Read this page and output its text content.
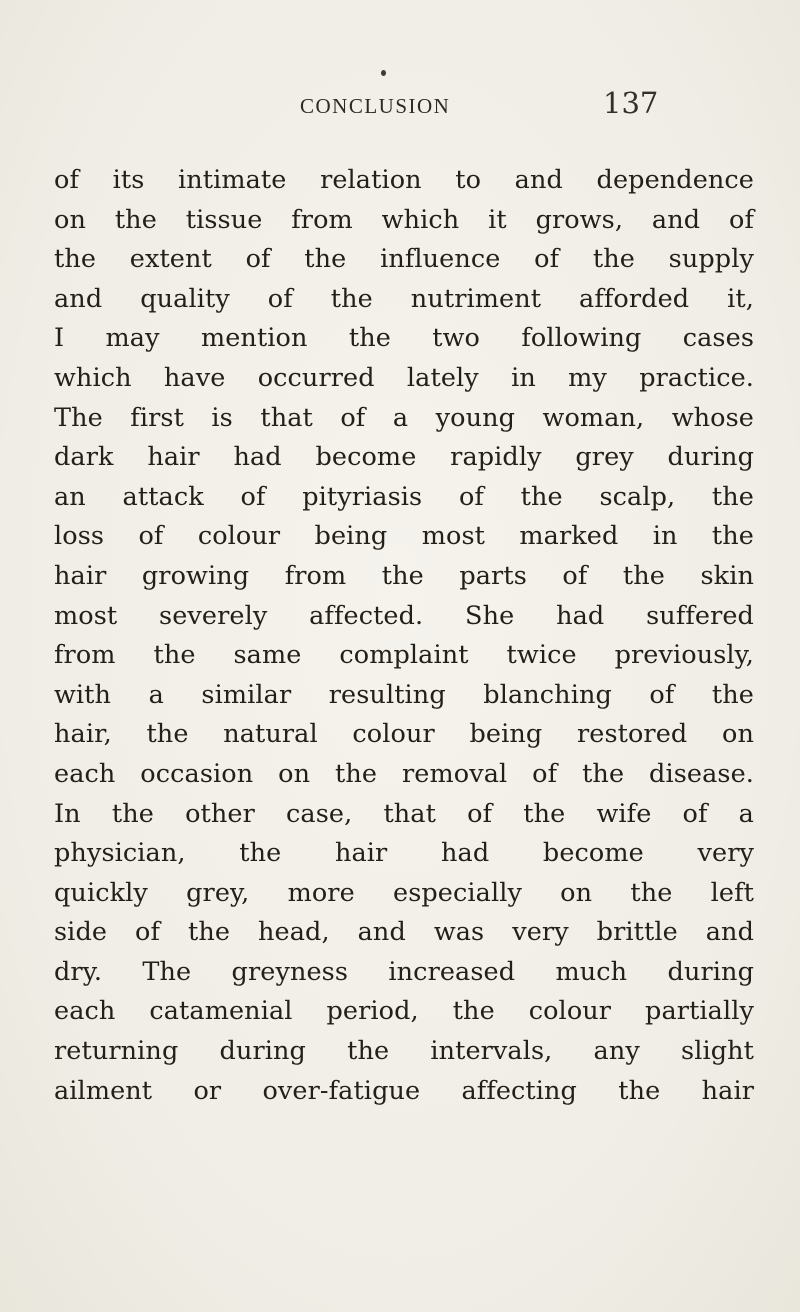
CONCLUSION	137
of its intimate relation to and dependence
on the tissue from which it grows, and of
the extent of the influence of the supply
and quality of the nutriment afforded it,
I may mention the two following cases
which have occurred lately in my practice.
The first is that of a young woman, whose
dark hair had become rapidly grey during
an attack of pityriasis of the scalp, the
loss of colour being most marked in the
hair growing from the parts of the skin
most severely affected. She had suffered
from the same complaint twice previously,
with a similar resulting blanching of the
hair, the natural colour being restored on
each occasion on the removal of the disease.
In the other case, that of the wife of a
physician, the hair had become very
quickly grey, more especially on the left
side of the head, and was very brittle and
dry. The greyness increased much during
each catamenial period, the colour partially
returning during the intervals, any slight
ailment or over-fatigue affecting the hair
